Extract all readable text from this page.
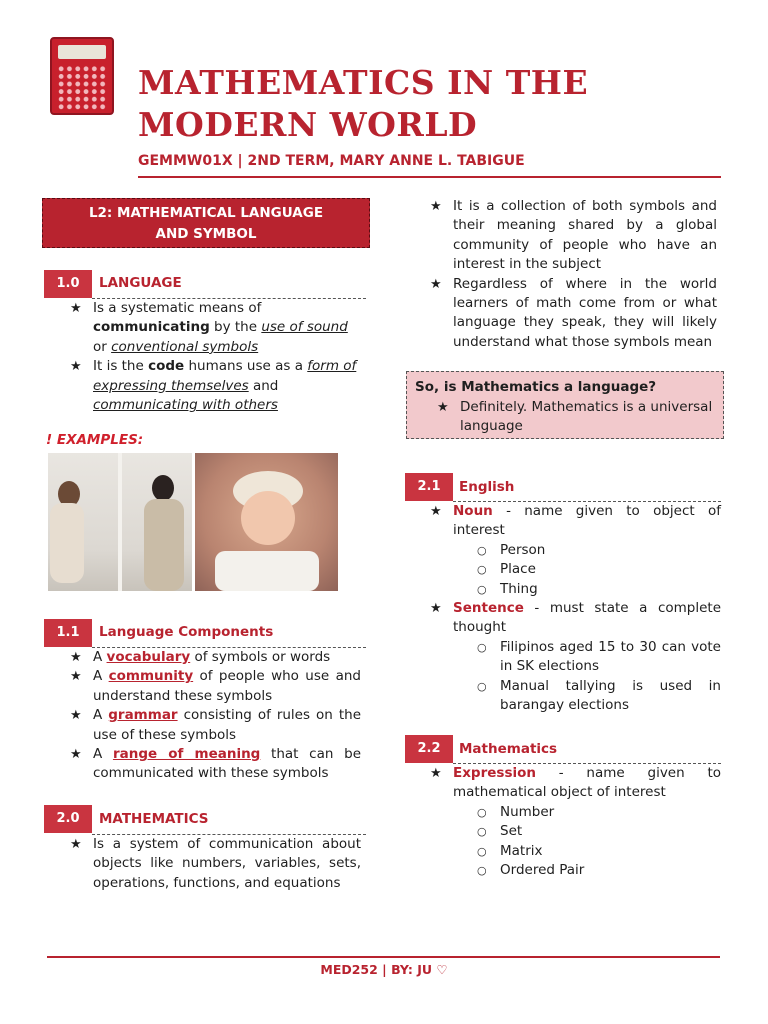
MATHEMATICS IN THE
MODERN WORLD
GEMMW01X | 2ND TERM, MARY ANNE L. TABIGUE
L2: MATHEMATICAL LANGUAGE
AND SYMBOL
1.0	LANGUAGE
★ Is a systematic means of communicating by the use of sound
or conventional symbols
★ It is the code humans use as a form of expressing themselves and
communicating with others
! EXAMPLES:
1.1	Language Components
★ A vocabulary of symbols or words
★ A community of people who use and understand these symbols
★ A grammar consisting of rules on the use of these symbols
★ A range of meaning that can be communicated with these symbols
2.0	MATHEMATICS
★ Is a system of communication about objects like numbers, variables, sets, operations, functions, and equations
★ It is a collection of both symbols and their meaning shared by a global community of people who have an interest in the subject
★ Regardless of where in the world learners of math come from or what language they speak, they will likely understand what those symbols mean
So, is Mathematics a language?
★ Definitely. Mathematics is a universal language
2.1	English
★ Noun - name given to object of interest
○ Person
○ Place
○ Thing
★ Sentence - must state a complete thought
○ Filipinos aged 15 to 30 can vote in SK elections
○ Manual tallying is used in barangay elections
2.2	Mathematics
★ Expression - name given to mathematical object of interest
○ Number
○ Set
○ Matrix
○ Ordered Pair
MED252 | BY: JU ♡
